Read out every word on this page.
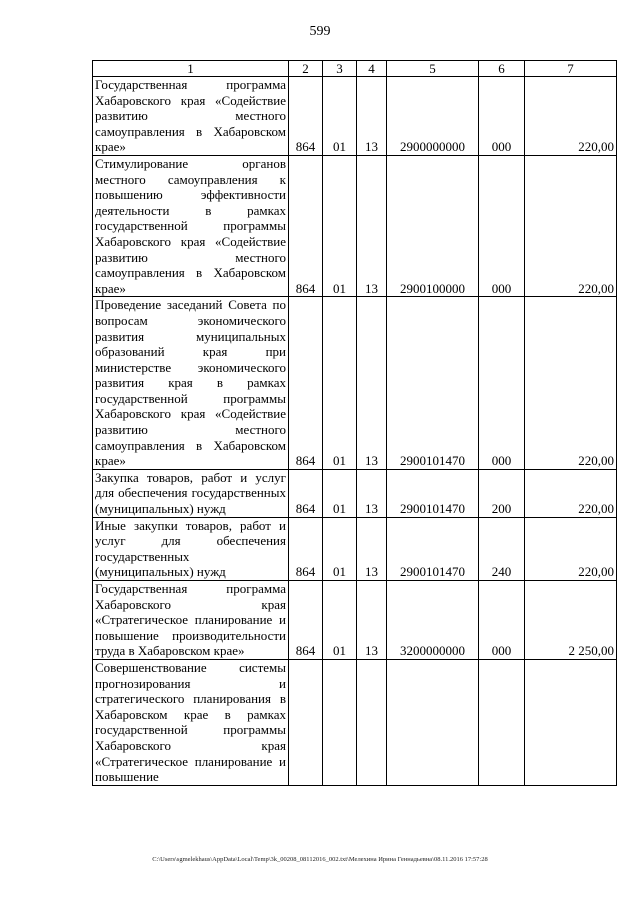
599
1	2	3	4	5	6	7
Государственная программа Хабаровского края «Содействие развитию местного самоуправления в Хабаровском крае»	864	01	13	2900000000	000	220,00
Стимулирование органов местного самоуправления к повышению эффективности деятельности в рамках государственной программы Хабаровского края «Содействие развитию местного самоуправления в Хабаровском крае»	864	01	13	2900100000	000	220,00
Проведение заседаний Совета по вопросам экономического развития муниципальных образований края при министерстве экономического развития края в рамках государственной программы Хабаровского края «Содействие развитию местного самоуправления в Хабаровском крае»	864	01	13	2900101470	000	220,00
Закупка товаров, работ и услуг для обеспечения государственных (муниципальных) нужд	864	01	13	2900101470	200	220,00
Иные закупки товаров, работ и услуг для обеспечения государственных (муниципальных) нужд	864	01	13	2900101470	240	220,00
Государственная программа Хабаровского края «Стратегическое планирование и повышение производительности труда в Хабаровском крае»	864	01	13	3200000000	000	2 250,00
Совершенствование системы прогнозирования и стратегического планирования в Хабаровском крае в рамках государственной программы Хабаровского края «Стратегическое планирование и повышение						
C:\Users\sgmelekhaus\AppData\Local\Temp\3k_00208_08112016_002.txt\Мелехина Ирина Геннадьевна\08.11.2016 17:57:28
